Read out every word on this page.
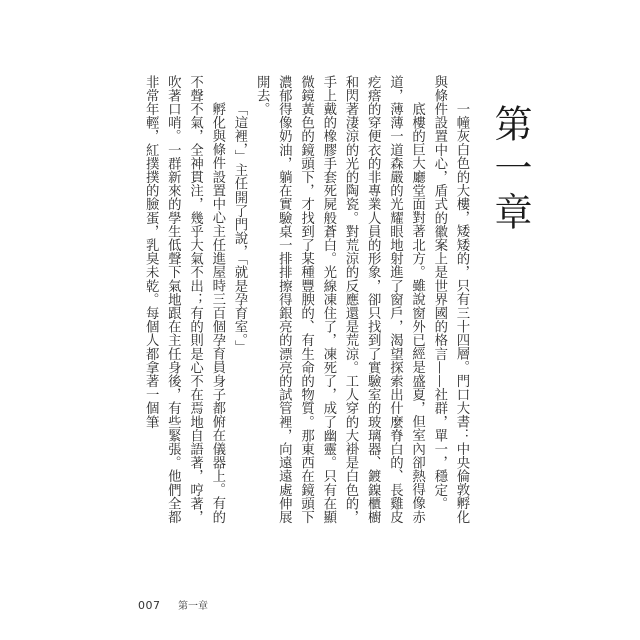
第一章

一幢灰白色的大樓，矮矮的，只有三十四層。門口大書：中央倫敦孵化與條件設置中心，盾式的徽案上是世界國的格言——社群，單一，穩定。

底樓的巨大廳堂面對著北方。雖說窗外已經是盛夏，但室內卻熱得像赤道，薄薄一道森嚴的光耀眼地射進了窗戶，渴望探索出什麼脊白的、長雞皮疙瘩的穿便衣的非專業人員的形象，卻只找到了實驗室的玻璃器、鍍鎳櫃櫥和閃著淒涼的光的陶瓷。對荒涼的反應還是荒涼。工人穿的大褂是白色的，手上戴的橡膠手套死屍般蒼白。光線凍住了，凍死了，成了幽靈。只有在顯微鏡黃色的鏡頭下，才找到了某種豐腴的、有生命的物質。那東西在鏡頭下濃郁得像奶油，躺在實驗桌一排排擦得銀亮的漂亮的試管裡，向遠遠處伸展開去。

「這裡，」主任開了門說，「就是孕育室。」

孵化與條件設置中心主任進屋時三百個孕育員身子都俯在儀器上。有的不聲不氣，全神貫注，幾乎大氣不出；有的則是心不在焉地自語著，哼著，吹著口哨。一群新來的學生低聲下氣地跟在主任身後，有些緊張。他們全都非常年輕，紅撲撲的臉蛋，乳臭未乾。每個人都拿著一個筆

007 第一章
